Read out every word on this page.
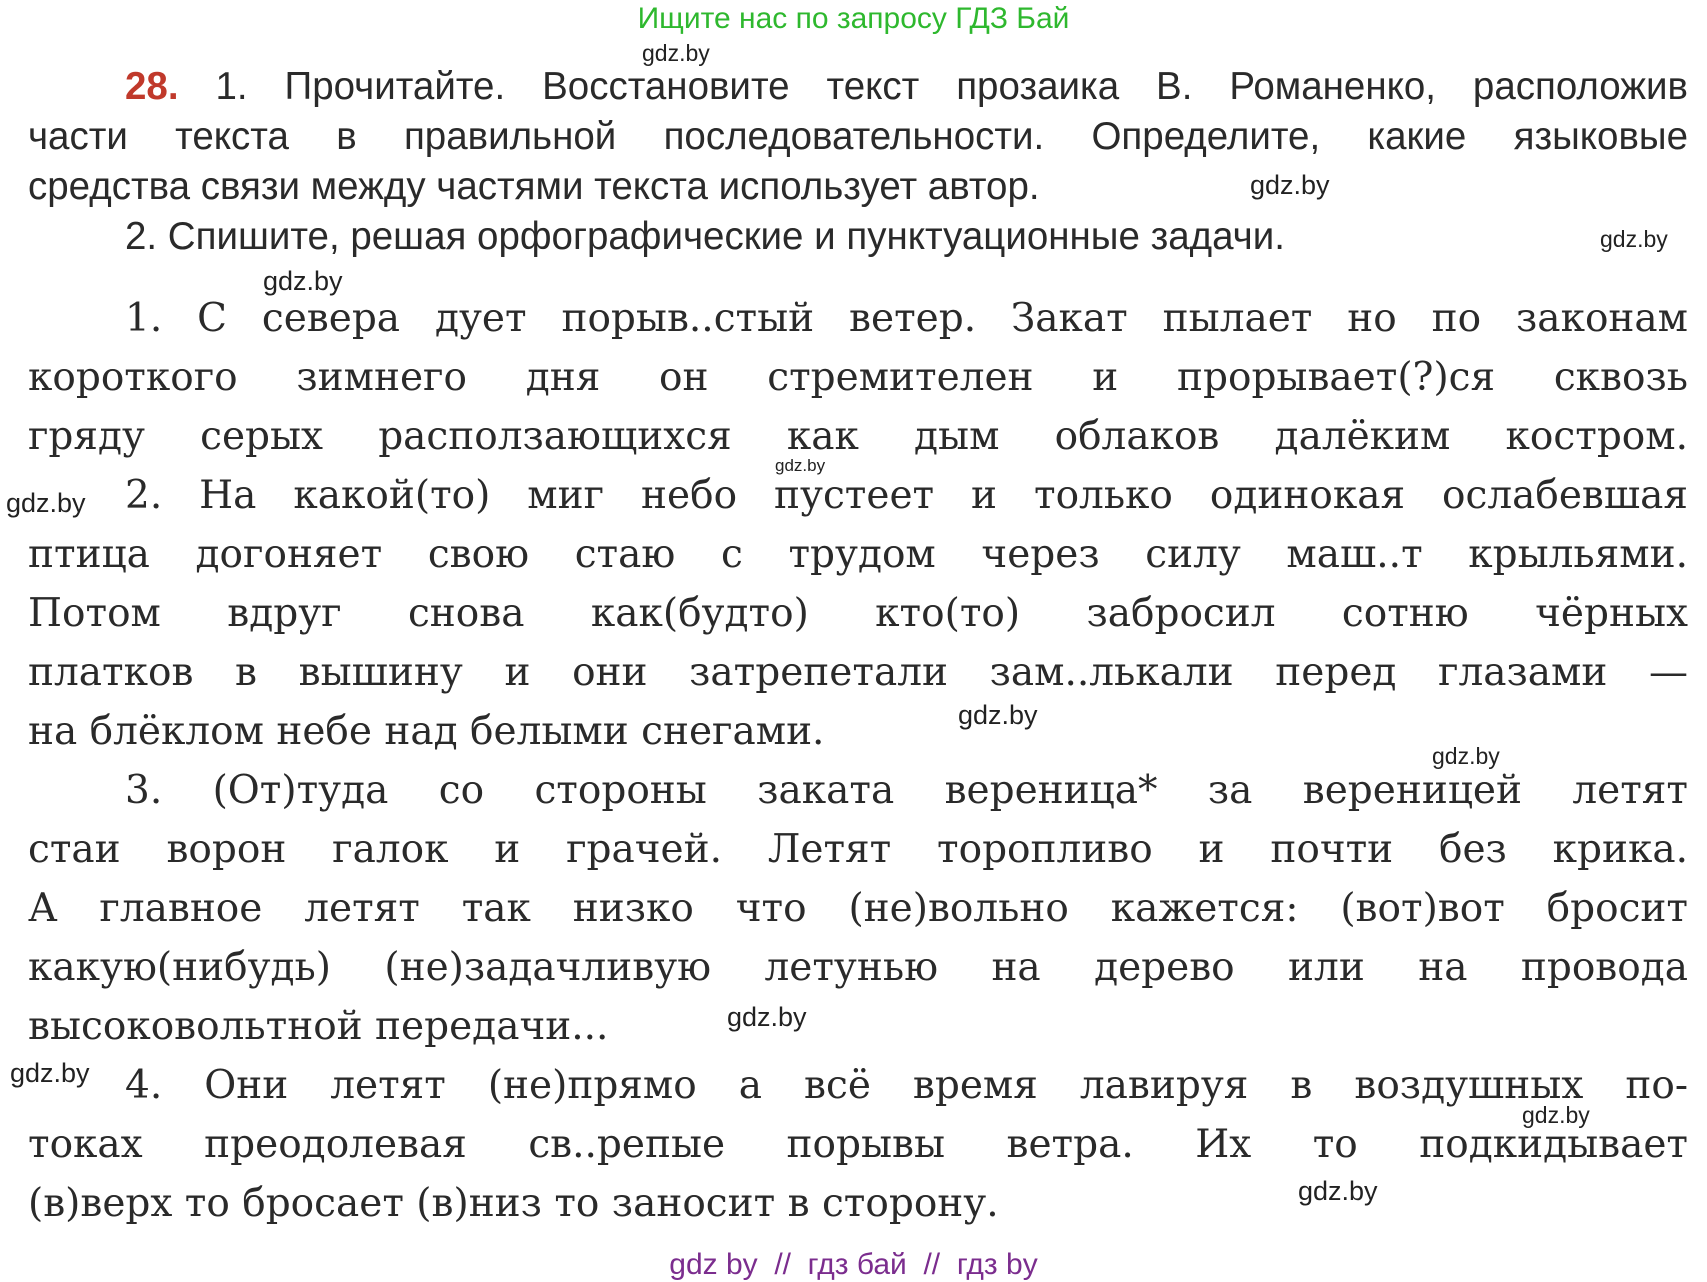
Ищите нас по запросу ГДЗ Бай
gdz.by
gdz.by
gdz.by
gdz.by
gdz.by
gdz.by
gdz.by
gdz.by
gdz.by
gdz.by
gdz.by
gdz.by
28. 1. Прочитайте. Восстановите текст прозаика В. Романенко, расположив
части текста в правильной последовательности. Определите, какие языковые
средства связи между частями текста использует автор.
2. Спишите, решая орфографические и пунктуационные задачи.
1. С севера дует порыв..стый ветер. Закат пылает но по законам
короткого зимнего дня он стремителен и прорывает(?)ся сквозь
гряду серых расползающихся как дым облаков далёким костром.
2. На какой(то) миг небо пустеет и только одинокая ослабевшая
птица догоняет свою стаю с трудом через силу маш..т крыльями.
Потом вдруг снова как(будто) кто(то) забросил сотню чёрных
платков в вышину и они затрепетали зам..лькали перед глазами —
на блёклом небе над белыми снегами.
3. (От)туда со стороны заката вереница* за вереницей летят
стаи ворон галок и грачей. Летят торопливо и почти без крика.
А главное летят так низко что (не)вольно кажется: (вот)вот бросит
какую(нибудь) (не)задачливую летунью на дерево или на провода
высоковольтной передачи...
4. Они летят (не)прямо а всё время лавируя в воздушных по-
токах преодолевая св..репые порывы ветра. Их то подкидывает
(в)верх то бросает (в)низ то заносит в сторону.
gdz by  //  гдз бай  //  гдз by
